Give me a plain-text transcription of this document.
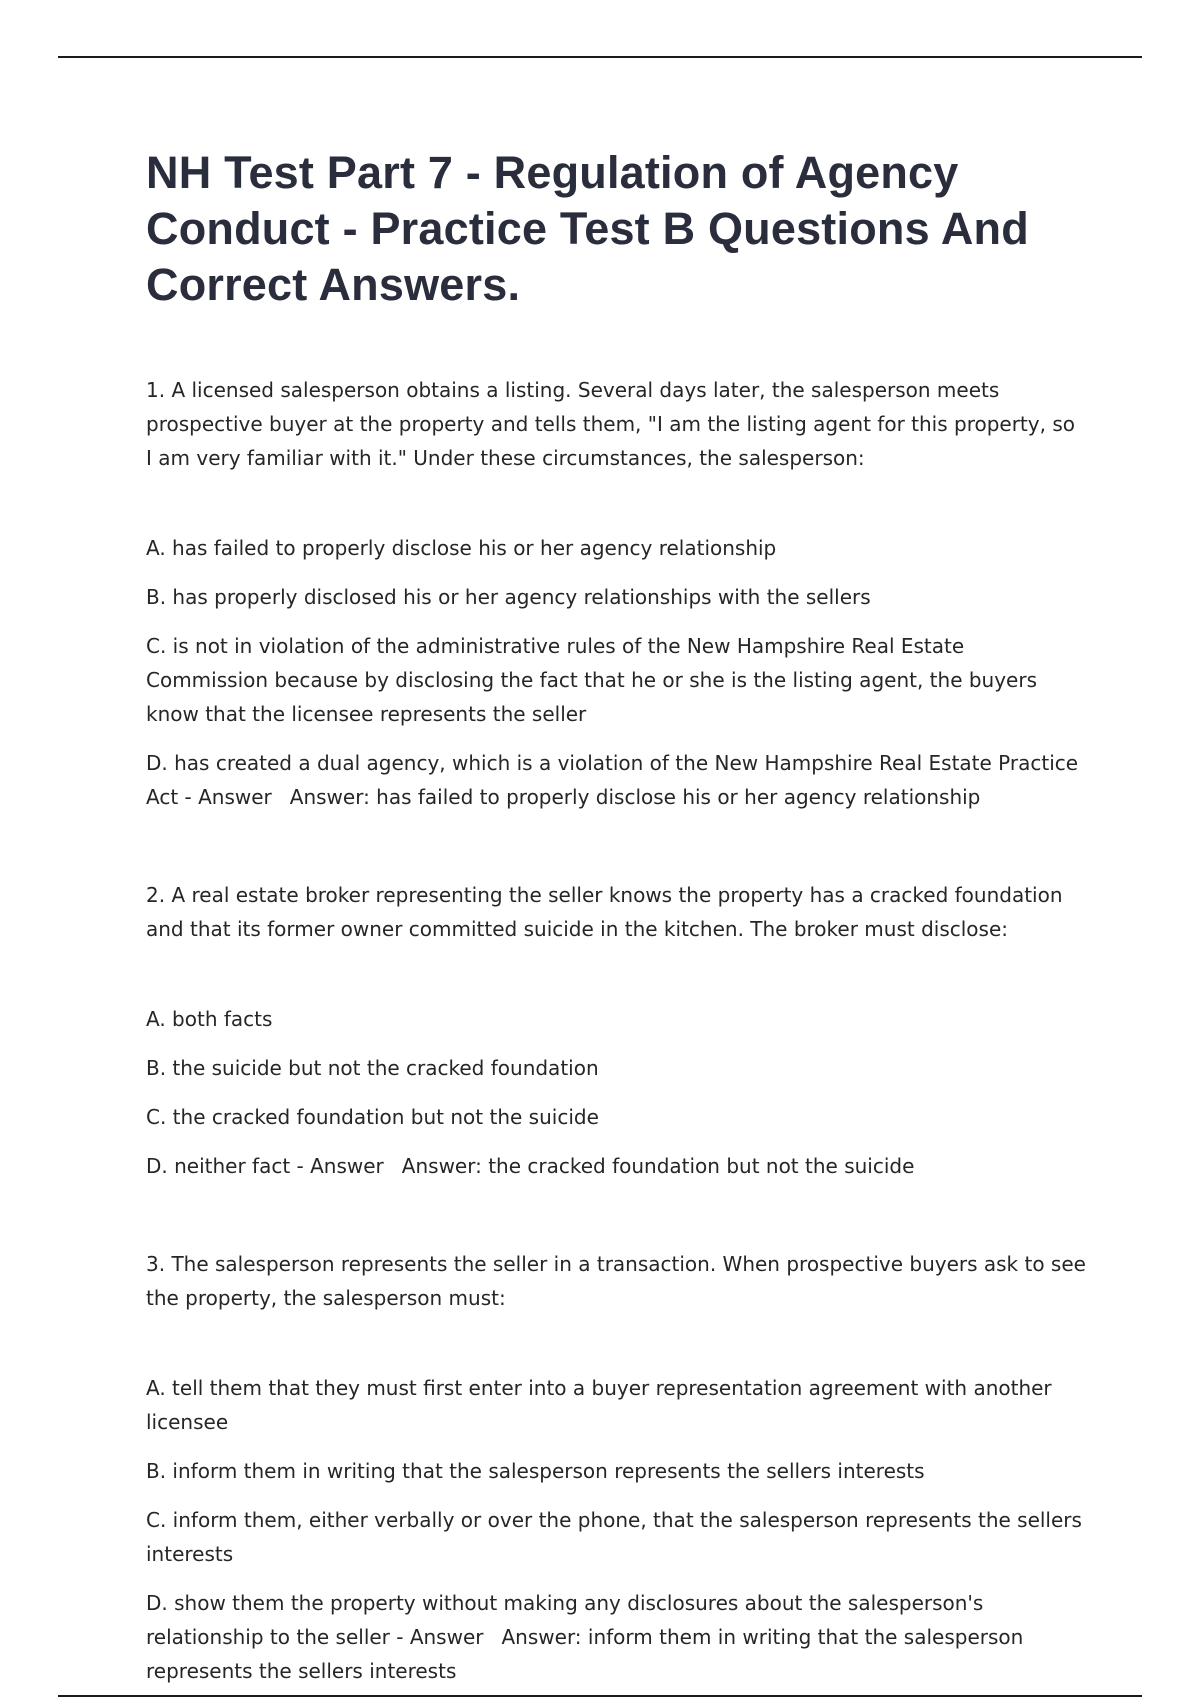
NH Test Part 7 - Regulation of Agency Conduct - Practice Test B Questions And Correct Answers.

1. A licensed salesperson obtains a listing. Several days later, the salesperson meets prospective buyer at the property and tells them, "I am the listing agent for this property, so I am very familiar with it." Under these circumstances, the salesperson:

A. has failed to properly disclose his or her agency relationship
B. has properly disclosed his or her agency relationships with the sellers
C. is not in violation of the administrative rules of the New Hampshire Real Estate Commission because by disclosing the fact that he or she is the listing agent, the buyers know that the licensee represents the seller
D. has created a dual agency, which is a violation of the New Hampshire Real Estate Practice Act - Answer Answer: has failed to properly disclose his or her agency relationship

2. A real estate broker representing the seller knows the property has a cracked foundation and that its former owner committed suicide in the kitchen. The broker must disclose:

A. both facts
B. the suicide but not the cracked foundation
C. the cracked foundation but not the suicide
D. neither fact - Answer Answer: the cracked foundation but not the suicide

3. The salesperson represents the seller in a transaction. When prospective buyers ask to see the property, the salesperson must:

A. tell them that they must first enter into a buyer representation agreement with another licensee
B. inform them in writing that the salesperson represents the sellers interests
C. inform them, either verbally or over the phone, that the salesperson represents the sellers interests
D. show them the property without making any disclosures about the salesperson's relationship to the seller - Answer Answer: inform them in writing that the salesperson represents the sellers interests
